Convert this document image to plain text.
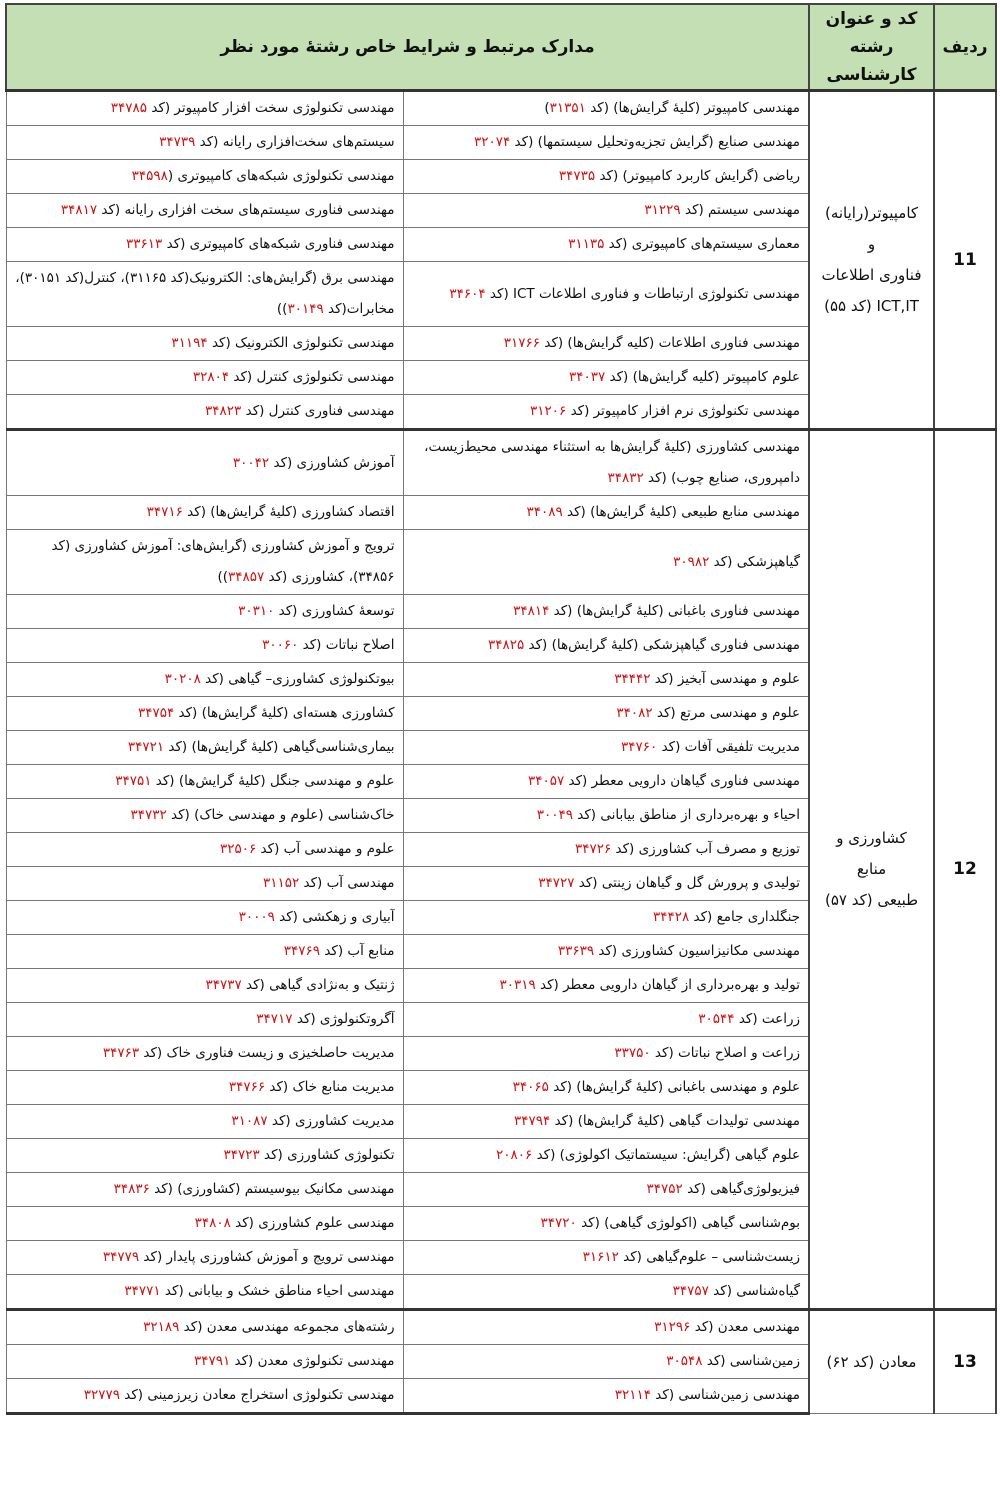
ردیف	کد و عنوان رشته کارشناسی	مدارک مرتبط و شرایط خاص رشتهٔ مورد نظر	
11	کامپیوتر(رایانه) و
فناوری اطلاعات
ICT,IT (کد ۵۵)	مهندسی کامپیوتر (کلیهٔ گرایش‌ها) (کد ۳۱۳۵۱)	مهندسی تکنولوژی سخت افزار کامپیوتر (کد ۳۴۷۸۵
		مهندسی صنایع (گرایش تجزیه‌وتحلیل سیستمها) (کد ۳۲۰۷۴	سیستم‌های سخت‌افزاری رایانه (کد ۳۴۷۳۹
		ریاضی (گرایش کاربرد کامپیوتر) (کد ۳۴۷۳۵	مهندسی تکنولوژی شبکه‌های کامپیوتری (۳۴۵۹۸
		مهندسی سیستم (کد ۳۱۲۲۹	مهندسی فناوری سیستم‌های سخت افزاری رایانه (کد ۳۴۸۱۷
		معماری سیستم‌های کامپیوتری (کد ۳۱۱۳۵	مهندسی فناوری شبکه‌های کامپیوتری (کد ۳۳۶۱۳
		مهندسی تکنولوژی ارتباطات و فناوری اطلاعات ICT (کد ۳۴۶۰۴	مهندسی برق (گرایش‌های: الکترونیک(کد ۳۱۱۶۵)، کنترل(کد ۳۰۱۵۱)، مخابرات(کد ۳۰۱۴۹))
		مهندسی فناوری اطلاعات (کلیه گرایش‌ها) (کد ۳۱۷۶۶	مهندسی تکنولوژی الکترونیک (کد ۳۱۱۹۴
		علوم کامپیوتر (کلیه گرایش‌ها) (کد ۳۴۰۳۷	مهندسی تکنولوژی کنترل (کد ۳۲۸۰۴
		مهندسی تکنولوژی نرم افزار کامپیوتر (کد ۳۱۲۰۶	مهندسی فناوری کنترل (کد ۳۴۸۲۳
12	کشاورزی و منابع
طبیعی (کد ۵۷)	مهندسی کشاورزی (کلیهٔ گرایش‌ها به استثناء مهندسی محیط‌زیست، دامپروری، صنایع چوب) (کد ۳۴۸۳۲	آموزش کشاورزی (کد ۳۰۰۴۲
		مهندسی منابع طبیعی (کلیهٔ گرایش‌ها) (کد ۳۴۰۸۹	اقتصاد کشاورزی (کلیهٔ گرایش‌ها) (کد ۳۴۷۱۶
		گیاهپزشکی (کد ۳۰۹۸۲	ترویج و آموزش کشاورزی (گرایش‌های: آموزش کشاورزی (کد ۳۴۸۵۶)، کشاورزی (کد ۳۴۸۵۷))
		مهندسی فناوری باغبانی (کلیهٔ گرایش‌ها) (کد ۳۴۸۱۴	توسعهٔ کشاورزی (کد ۳۰۳۱۰
		مهندسی فناوری گیاهپزشکی (کلیهٔ گرایش‌ها) (کد ۳۴۸۲۵	اصلاح نباتات (کد ۳۰۰۶۰
		علوم و مهندسی آبخیز (کد ۳۴۴۴۲	بیوتکنولوژی کشاورزی– گیاهی (کد ۳۰۲۰۸
		علوم و مهندسی مرتع (کد ۳۴۰۸۲	کشاورزی هسته‌ای (کلیهٔ گرایش‌ها) (کد ۳۴۷۵۴
		مدیریت تلفیقی آفات (کد ۳۴۷۶۰	بیماری‌شناسی‌گیاهی (کلیهٔ گرایش‌ها) (کد ۳۴۷۲۱
		مهندسی فناوری گیاهان دارویی معطر (کد ۳۴۰۵۷	علوم و مهندسی جنگل (کلیهٔ گرایش‌ها) (کد ۳۴۷۵۱
		احیاء و بهره‌برداری از مناطق بیابانی (کد ۳۰۰۴۹	خاک‌شناسی (علوم و مهندسی خاک) (کد ۳۴۷۳۲
		توزیع و مصرف آب کشاورزی (کد ۳۴۷۲۶	علوم و مهندسی آب (کد ۳۲۵۰۶
		تولیدی و پرورش گل و گیاهان زینتی (کد ۳۴۷۲۷	مهندسی آب (کد ۳۱۱۵۲
		جنگلداری جامع (کد ۳۴۴۲۸	آبیاری و زهکشی (کد ۳۰۰۰۹
		مهندسی مکانیزاسیون کشاورزی (کد ۳۳۶۳۹	منابع آب (کد ۳۴۷۶۹
		تولید و بهره‌برداری از گیاهان دارویی معطر (کد ۳۰۳۱۹	ژنتیک و به‌نژادی گیاهی (کد ۳۴۷۳۷
		زراعت (کد ۳۰۵۴۴	آگروتکنولوژی (کد ۳۴۷۱۷
		زراعت و اصلاح نباتات (کد ۳۳۷۵۰	مدیریت حاصلخیزی و زیست فناوری خاک (کد ۳۴۷۶۳
		علوم و مهندسی باغبانی (کلیهٔ گرایش‌ها) (کد ۳۴۰۶۵	مدیریت منابع خاک (کد ۳۴۷۶۶
		مهندسی تولیدات گیاهی (کلیهٔ گرایش‌ها) (کد ۳۴۷۹۴	مدیریت کشاورزی (کد ۳۱۰۸۷
		علوم گیاهی (گرایش: سیستماتیک اکولوژی) (کد ۲۰۸۰۶	تکنولوژی کشاورزی (کد ۳۴۷۲۳
		فیزیولوژی‌گیاهی (کد ۳۴۷۵۲	مهندسی مکانیک بیوسیستم (کشاورزی) (کد ۳۴۸۳۶
		بوم‌شناسی گیاهی (اکولوژی گیاهی) (کد ۳۴۷۲۰	مهندسی علوم کشاورزی (کد ۳۴۸۰۸
		زیست‌شناسی – علوم‌گیاهی (کد ۳۱۶۱۲	مهندسی ترویج و آموزش کشاورزی پایدار (کد ۳۴۷۷۹
		گیاه‌شناسی (کد ۳۴۷۵۷	مهندسی احیاء مناطق خشک و بیابانی (کد ۳۴۷۷۱
13	معادن (کد ۶۲)	مهندسی معدن (کد ۳۱۲۹۶	رشته‌های مجموعه مهندسی معدن (کد ۳۲۱۸۹
		زمین‌شناسی (کد ۳۰۵۴۸	مهندسی تکنولوژی معدن (کد ۳۴۷۹۱
		مهندسی زمین‌شناسی (کد ۳۲۱۱۴	مهندسی تکنولوژی استخراج معادن زیرزمینی (کد ۳۲۷۷۹
